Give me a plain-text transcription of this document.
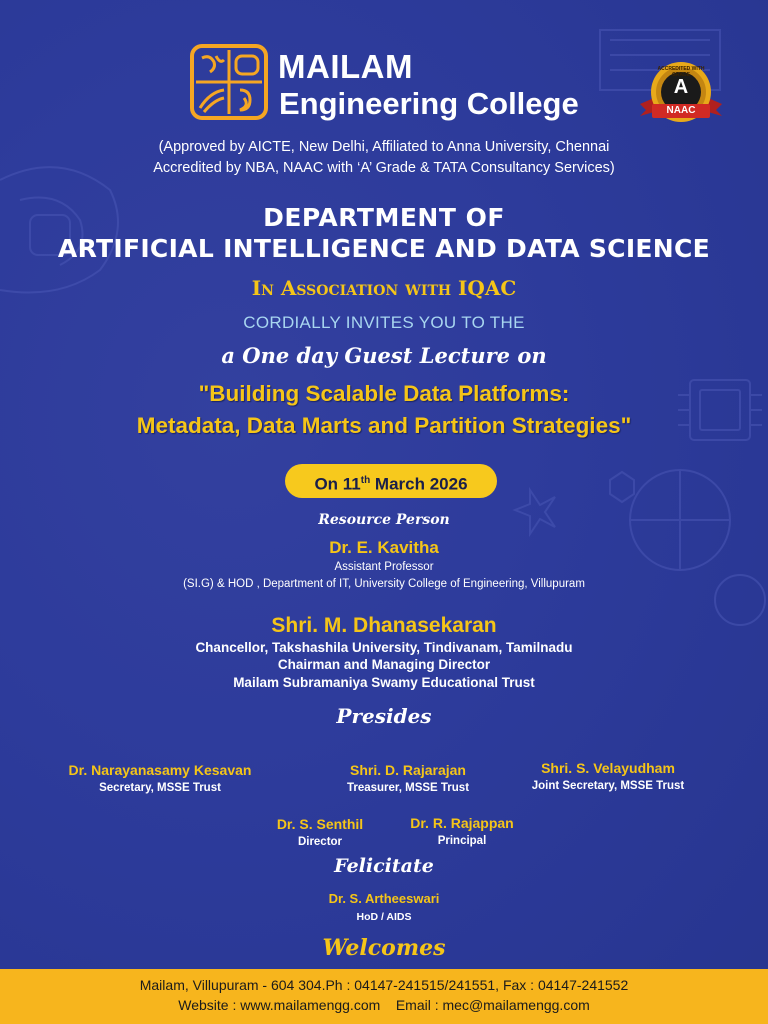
MAILAM
Engineering College
ACCREDITED WITH GRADE
A
NAAC
(Approved by AICTE, New Delhi, Affiliated to Anna University, Chennai
Accredited by NBA, NAAC with ‘A’ Grade & TATA Consultancy Services)
DEPARTMENT OF
ARTIFICIAL INTELLIGENCE AND DATA SCIENCE
In Association with IQAC
CORDIALLY INVITES YOU TO THE
a One day Guest Lecture on
"Building Scalable Data Platforms:
Metadata, Data Marts and Partition Strategies"
On 11th March 2026
Resource Person
Dr. E. Kavitha
Assistant Professor
(SI.G) & HOD , Department of IT, University College of Engineering, Villupuram
Shri. M. Dhanasekaran
Chancellor, Takshashila University, Tindivanam, Tamilnadu
Chairman and Managing Director
Mailam Subramaniya Swamy Educational Trust
Presides
Dr. Narayanasamy Kesavan
Secretary, MSSE Trust
Shri. D. Rajarajan
Treasurer, MSSE Trust
Shri. S. Velayudham
Joint Secretary, MSSE Trust
Dr. S. Senthil
Director
Dr. R. Rajappan
Principal
Felicitate
Dr. S. Artheeswari
HoD / AIDS
Welcomes
Mailam, Villupuram - 604 304.Ph : 04147-241515/241551, Fax : 04147-241552
Website : www.mailamengg.com    Email : mec@mailamengg.com
